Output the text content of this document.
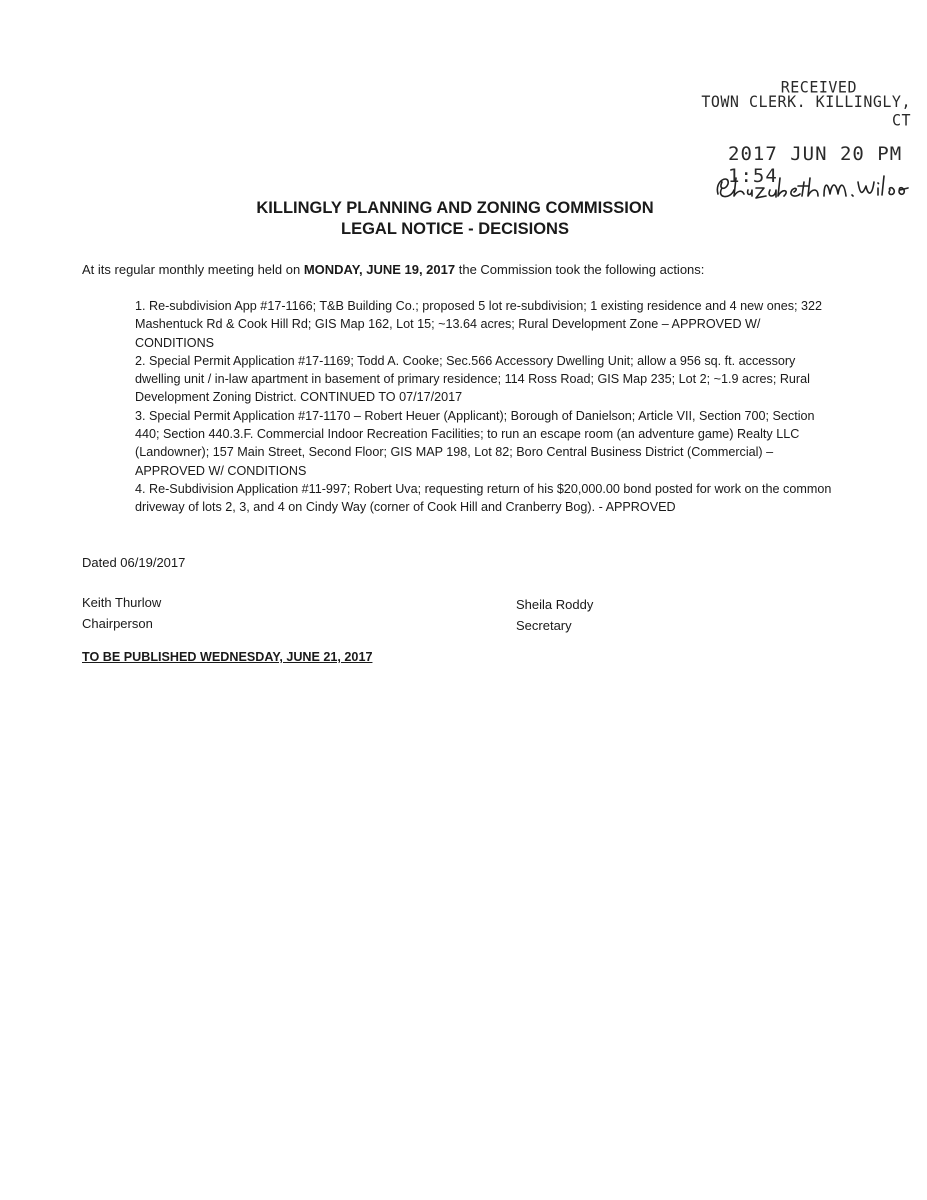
RECEIVED
TOWN CLERK. KILLINGLY, CT
2017 JUN 20 PM 1:54
KILLINGLY PLANNING AND ZONING COMMISSION
LEGAL NOTICE - DECISIONS
At its regular monthly meeting held on MONDAY, JUNE 19, 2017 the Commission took the following actions:

1. Re-subdivision App #17-1166; T&B Building Co.; proposed 5 lot re-subdivision; 1 existing residence and 4 new ones; 322 Mashentuck Rd & Cook Hill Rd; GIS Map 162, Lot 15; ~13.64 acres; Rural Development Zone – APPROVED W/ CONDITIONS

2. Special Permit Application #17-1169; Todd A. Cooke; Sec.566 Accessory Dwelling Unit; allow a 956 sq. ft. accessory dwelling unit / in-law apartment in basement of primary residence; 114 Ross Road; GIS Map 235; Lot 2; ~1.9 acres; Rural Development Zoning District. CONTINUED TO 07/17/2017

3. Special Permit Application #17-1170 – Robert Heuer (Applicant); Borough of Danielson; Article VII, Section 700; Section 440; Section 440.3.F. Commercial Indoor Recreation Facilities; to run an escape room (an adventure game) Realty LLC (Landowner); 157 Main Street, Second Floor; GIS MAP 198, Lot 82; Boro Central Business District (Commercial) – APPROVED W/ CONDITIONS

4. Re-Subdivision Application #11-997; Robert Uva; requesting return of his $20,000.00 bond posted for work on the common driveway of lots 2, 3, and 4 on Cindy Way (corner of Cook Hill and Cranberry Bog). - APPROVED

Dated 06/19/2017
Keith Thurlow
Chairperson
Sheila Roddy
Secretary
TO BE PUBLISHED WEDNESDAY, JUNE 21, 2017
